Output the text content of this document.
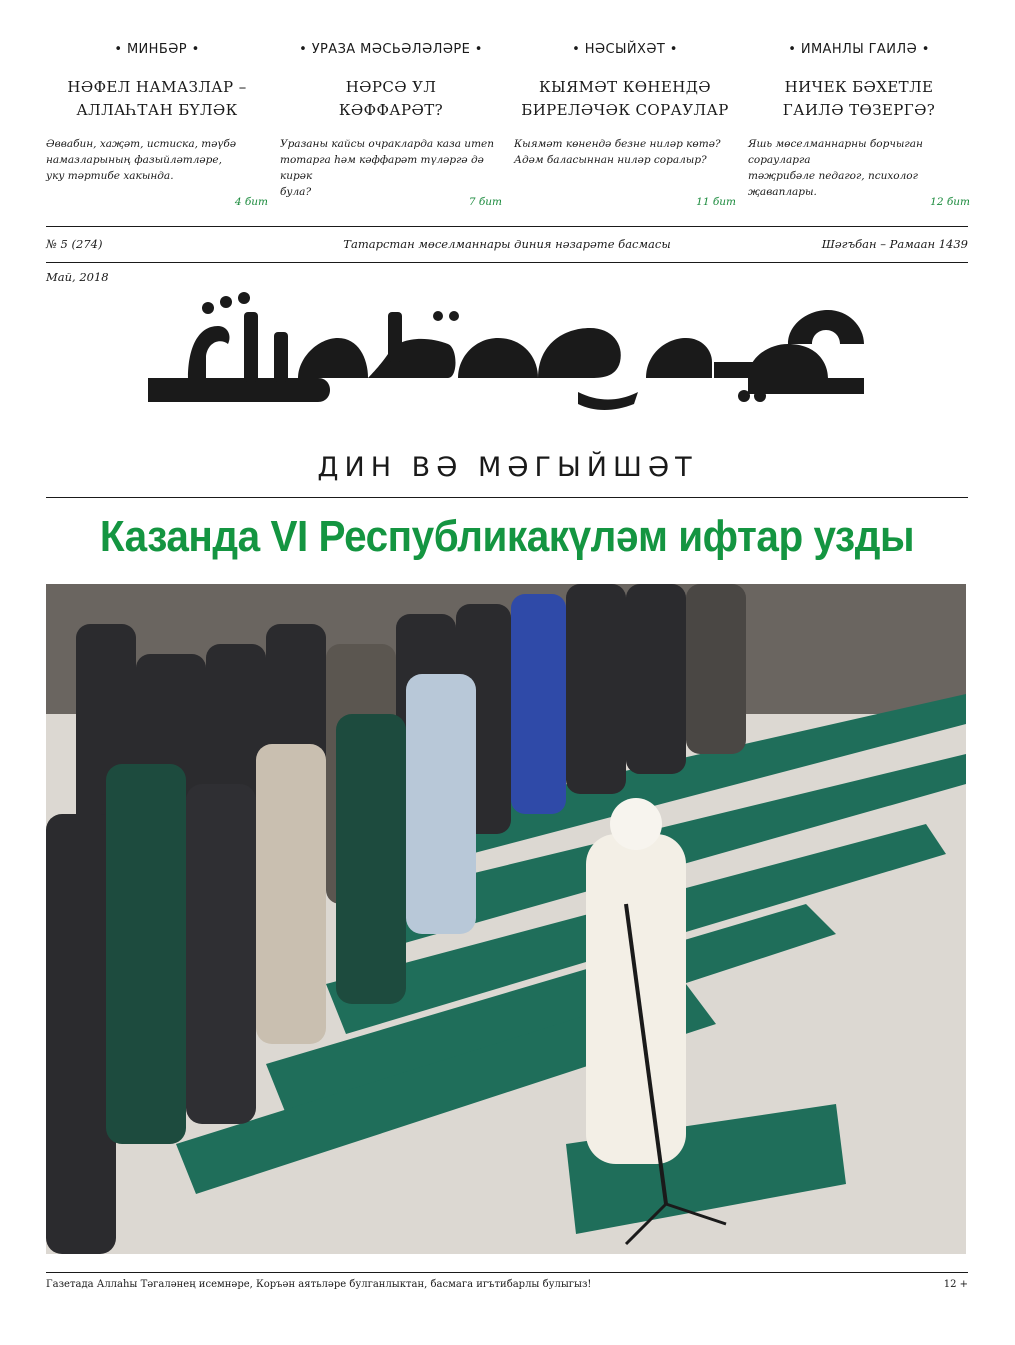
• МИНБӘР •
НӘФЕЛ НАМАЗЛАР –
АЛЛАҺТАН БҮЛӘК
Әввабин, хаҗәт, истиска, тәүбә
намазларының фазыйләтләре,
уку тәртибе хакында.
4 бит
• УРАЗА МӘСЬӘЛӘЛӘРЕ •
НӘРСӘ УЛ
КӘФФАРӘТ?
Уразаны кайсы очракларда каза итеп
тотарга һәм кәффарәт түләргә дә кирәк
була?
7 бит
• НӘСЫЙХӘТ •
КЫЯМӘТ КӨНЕНДӘ
БИРЕЛӘЧӘК СОРАУЛАР
Кыямәт көнендә безнe ниләр көтә?
Адәм баласыннан ниләр соралыр?
11 бит
• ИМАНЛЫ ГАИЛӘ •
НИЧЕК БӘХЕТЛЕ
ГАИЛӘ ТӨЗЕРГӘ?
Яшь мөселманнарны борчыган сорауларга
тәҗрибәле педагог, психолог җаваплары.
12 бит
№ 5 (274)	Татарстан мөселманнары диния нәзарәте басмасы	Шәгъбан – Рамаан 1439
Май, 2018
ДИН ВӘ МӘГЫЙШӘТ
Казанда VI Республикакүләм ифтар узды
Газетада Аллаһы Тәгаләнең исемнәре, Коръән аятьләре булганлыктан, басмага игътибарлы булыгыз!	12 +
